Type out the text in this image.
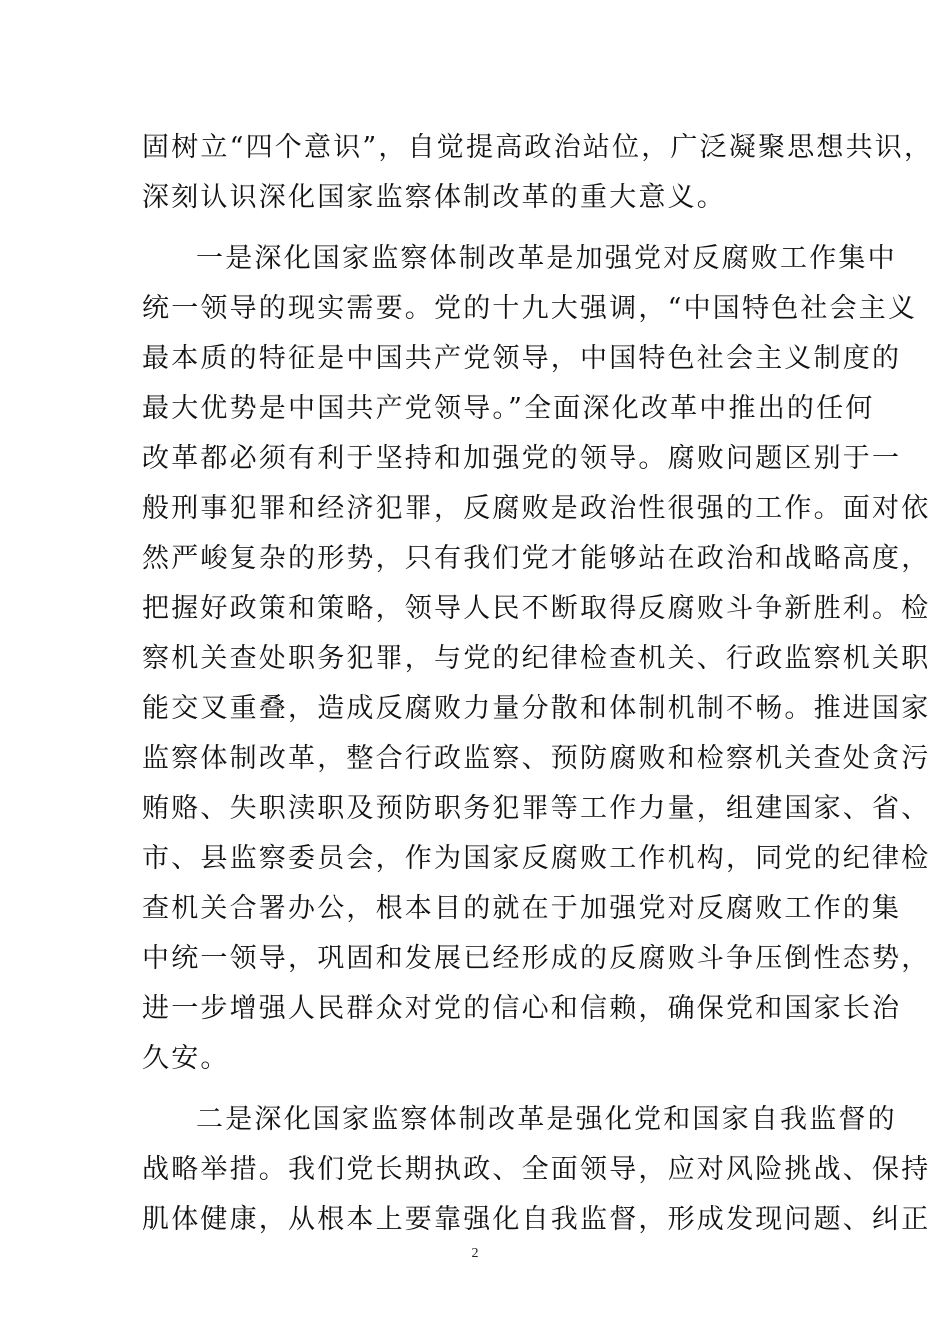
固树立“四个意识”，自觉提高政治站位，广泛凝聚思想共识，
深刻认识深化国家监察体制改革的重大意义。
一是深化国家监察体制改革是加强党对反腐败工作集中
统一领导的现实需要。党的十九大强调，“中国特色社会主义
最本质的特征是中国共产党领导，中国特色社会主义制度的
最大优势是中国共产党领导。”全面深化改革中推出的任何
改革都必须有利于坚持和加强党的领导。腐败问题区别于一
般刑事犯罪和经济犯罪，反腐败是政治性很强的工作。面对依
然严峻复杂的形势，只有我们党才能够站在政治和战略高度，
把握好政策和策略，领导人民不断取得反腐败斗争新胜利。检
察机关查处职务犯罪，与党的纪律检查机关、行政监察机关职
能交叉重叠，造成反腐败力量分散和体制机制不畅。推进国家
监察体制改革，整合行政监察、预防腐败和检察机关查处贪污
贿赂、失职渎职及预防职务犯罪等工作力量，组建国家、省、
市、县监察委员会，作为国家反腐败工作机构，同党的纪律检
查机关合署办公，根本目的就在于加强党对反腐败工作的集
中统一领导，巩固和发展已经形成的反腐败斗争压倒性态势，
进一步增强人民群众对党的信心和信赖，确保党和国家长治
久安。
二是深化国家监察体制改革是强化党和国家自我监督的
战略举措。我们党长期执政、全面领导，应对风险挑战、保持
肌体健康，从根本上要靠强化自我监督，形成发现问题、纠正
2
